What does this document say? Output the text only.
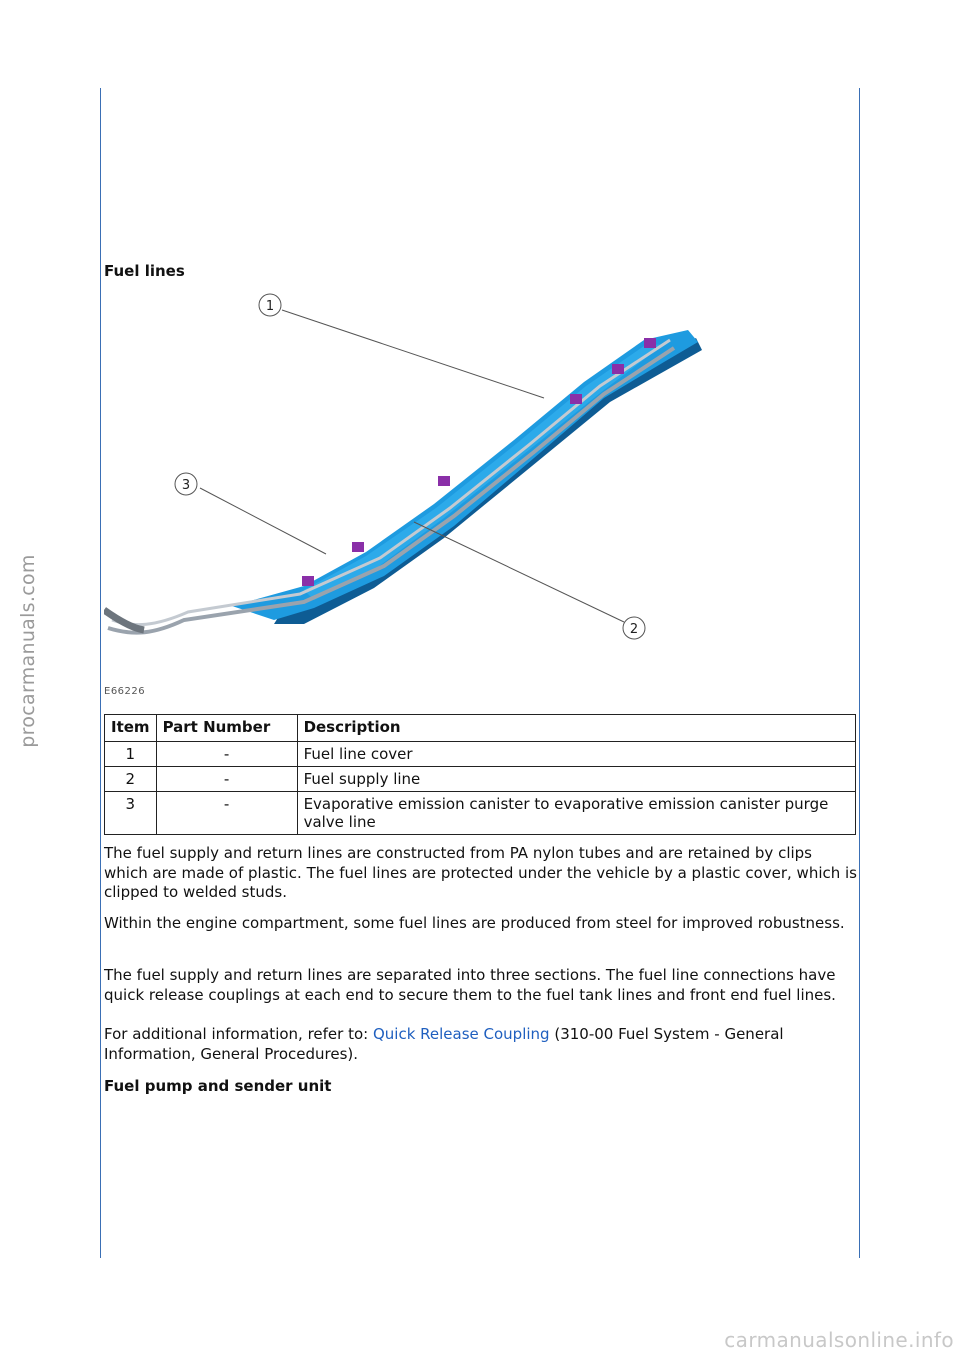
procarmanuals.com
Fuel lines
1
3
2
E66226
Item	Part Number	Description
1	-	Fuel line cover
2	-	Fuel supply line
3	-	Evaporative emission canister to evaporative emission canister purge valve line
The fuel supply and return lines are constructed from PA nylon tubes and are retained by clips which are made of plastic. The fuel lines are protected under the vehicle by a plastic cover, which is clipped to welded studs.
Within the engine compartment, some fuel lines are produced from steel for improved robustness.
The fuel supply and return lines are separated into three sections. The fuel line connections have quick release couplings at each end to secure them to the fuel tank lines and front end fuel lines.
For additional information, refer to: Quick Release Coupling (310-00 Fuel System - General Information, General Procedures).
Fuel pump and sender unit
carmanualsonline.info
